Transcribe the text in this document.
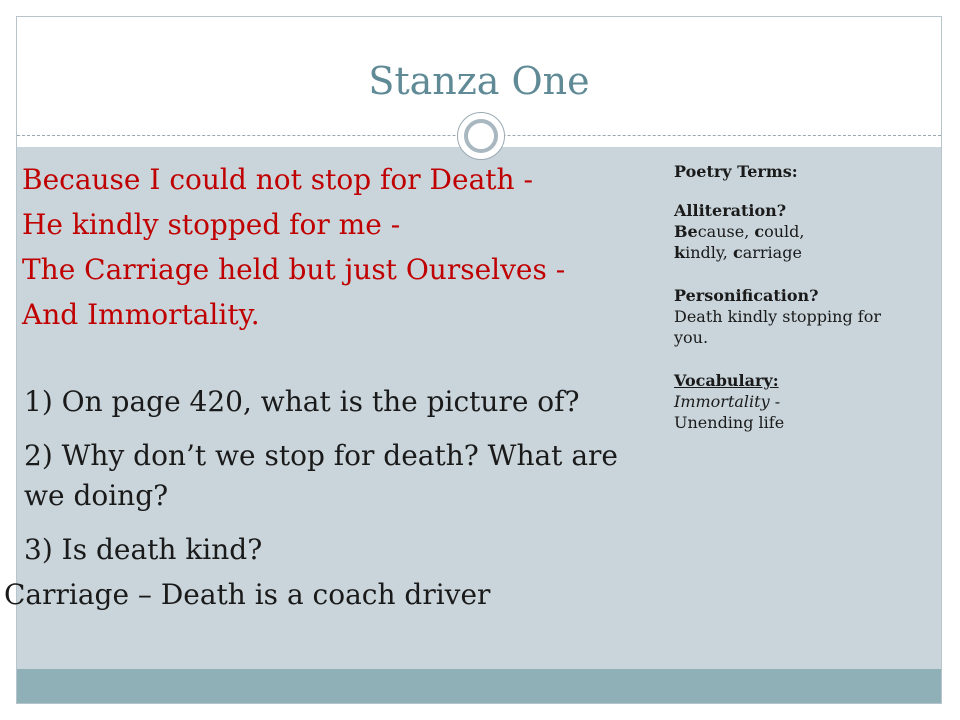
Stanza One

Because I could not stop for Death -
He kindly stopped for me -
The Carriage held but just Ourselves -
And Immortality.

1) On page 420, what is the picture of?
2) Why don’t we stop for death? What are we doing?
3) Is death kind?

Carriage – Death is a coach driver

Poetry Terms:
Alliteration?
Because, could,
kindly, carriage
Personification?
Death kindly stopping for you.
Vocabulary:
Immortality -
Unending life
